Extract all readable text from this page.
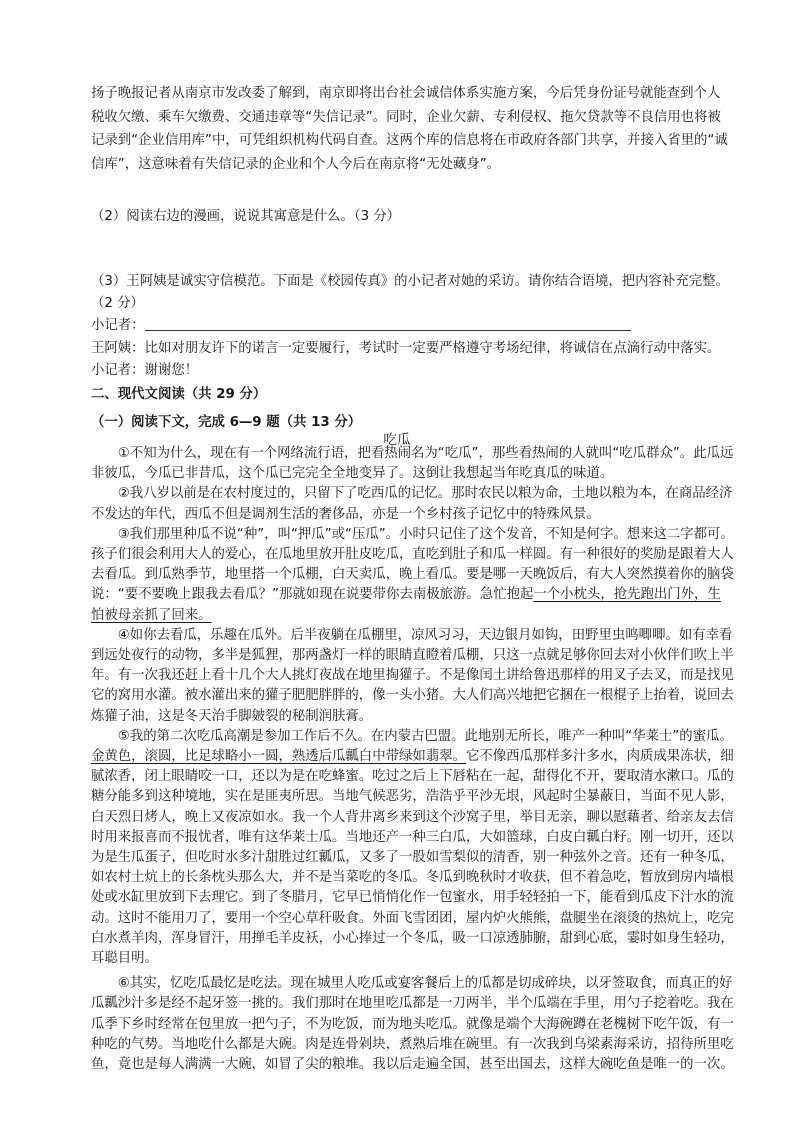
扬子晚报记者从南京市发改委了解到，南京即将出台社会诚信体系实施方案，今后凭身份证号就能查到个人税收欠缴、乘车欠缴费、交通违章等“失信记录”。同时，企业欠薪、专利侵权、拖欠贷款等不良信用也将被记录到“企业信用库”中，可凭组织机构代码自查。这两个库的信息将在市政府各部门共享，并接入省里的“诚信库”，这意味着有失信记录的企业和个人今后在南京将“无处藏身”。

（2）阅读右边的漫画，说说其寓意是什么。（3 分）

（3）王阿姨是诚实守信模范。下面是《校园传真》的小记者对她的采访。请你结合语境，把内容补充完整。（2 分）

小记者：

王阿姨：比如对朋友许下的诺言一定要履行，考试时一定要严格遵守考场纪律，将诚信在点滴行动中落实。

小记者：谢谢您！

二、现代文阅读（共 29 分）

（一）阅读下文，完成 6—9 题（共 13 分）

吃瓜

①不知为什么，现在有一个网络流行语，把看热闹名为“吃瓜”，那些看热闹的人就叫“吃瓜群众”。此瓜远非彼瓜，今瓜已非昔瓜，这个瓜已完完全全地变异了。这倒让我想起当年吃真瓜的味道。

②我八岁以前是在农村度过的，只留下了吃西瓜的记忆。那时农民以粮为命，土地以粮为本，在商品经济不发达的年代，西瓜不但是调剂生活的奢侈品，亦是一个乡村孩子记忆中的特殊风景。

③我们那里种瓜不说“种”，叫“押瓜”或“压瓜”。小时只记住了这个发音，不知是何字。想来这二字都可。孩子们很会利用大人的爱心，在瓜地里放开肚皮吃瓜，直吃到肚子和瓜一样圆。有一种很好的奖励是跟着大人去看瓜。到瓜熟季节，地里搭一个瓜棚，白天卖瓜，晚上看瓜。要是哪一天晚饭后，有大人突然摸着你的脑袋说：“要不要晚上跟我去看瓜？”那就如现在说要带你去南极旅游。急忙抱起一个小枕头，抢先跑出门外，生怕被母亲抓了回来。

④如你去看瓜，乐趣在瓜外。后半夜躺在瓜棚里，凉风习习，天边银月如钩，田野里虫鸣唧唧。如有幸看到远处夜行的动物，多半是狐狸，那两盏灯一样的眼睛直瞪着瓜棚，只这一点就足够你回去对小伙伴们吹上半年。有一次我还赶上看十几个大人挑灯夜战在地里掏獾子。不是像闰土讲给鲁迅那样的用叉子去叉，而是找见它的窝用水灌。被水灌出来的獾子肥肥胖胖的，像一头小猪。大人们高兴地把它捆在一根棍子上抬着，说回去炼獾子油，这是冬天治手脚皴裂的秘制润肤膏。

⑤我的第二次吃瓜高潮是参加工作后不久。在内蒙古巴盟。此地别无所长，唯产一种叫“华莱士”的蜜瓜。金黄色，滚圆，比足球略小一圆，熟透后瓜瓤白中带绿如翡翠。它不像西瓜那样多汁多水，肉质成果冻状，细腻浓香，闭上眼睛咬一口，还以为是在吃蜂蜜。吃过之后上下唇粘在一起，甜得化不开，要取清水漱口。瓜的糖分能多到这种境地，实在是匪夷所思。当地气候恶劣，浩浩乎平沙无垠，风起时尘暴蔽日，当面不见人影，白天烈日烤人，晚上又夜凉如水。我一个人背井离乡来到这个沙窝子里，举目无亲，聊以慰藉者、给亲友去信时用来报喜而不报忧者，唯有这华莱士瓜。当地还产一种三白瓜，大如篮球，白皮白瓤白籽。刚一切开，还以为是生瓜蛋子，但吃时水多汁甜胜过红瓤瓜，又多了一股如雪梨似的清香，别一种弦外之音。还有一种冬瓜，如农村土炕上的长条枕头那么大，并不是当菜吃的冬瓜。冬瓜到晚秋时才收获，但不着急吃，暂放到房内墙根处或水缸里放到下去理它。到了冬腊月，它早已悄悄化作一包蜜水，用手轻轻拍一下，能看到瓜皮下汁水的流动。这时不能用刀了，要用一个空心草秆吸食。外面飞雪团团，屋内炉火熊熊，盘腿坐在滚烫的热炕上，吃完白水煮羊肉，浑身冒汗，用掸毛羊皮袄，小心捧过一个冬瓜，吸一口凉透肺腑，甜到心底，霎时如身生轻功，耳聪目明。

⑥其实，忆吃瓜最忆是吃法。现在城里人吃瓜或宴客餐后上的瓜都是切成碎块，以牙签取食，而真正的好瓜瓤沙汁多是经不起牙签一挑的。我们那时在地里吃瓜都是一刀两半，半个瓜端在手里，用勺子挖着吃。我在瓜季下乡时经常在包里放一把勺子，不为吃饭，而为地头吃瓜。就像是端个大海碗蹲在老槐树下吃午饭，有一种吃的气势。当地吃什么都是大碗。肉是连骨剁块，煮熟后堆在碗里。有一次我到乌梁素海采访，招待所里吃鱼，竟也是每人满满一大碗，如冒了尖的粮堆。我以后走遍全国，甚至出国去，这样大碗吃鱼是唯一的一次。
